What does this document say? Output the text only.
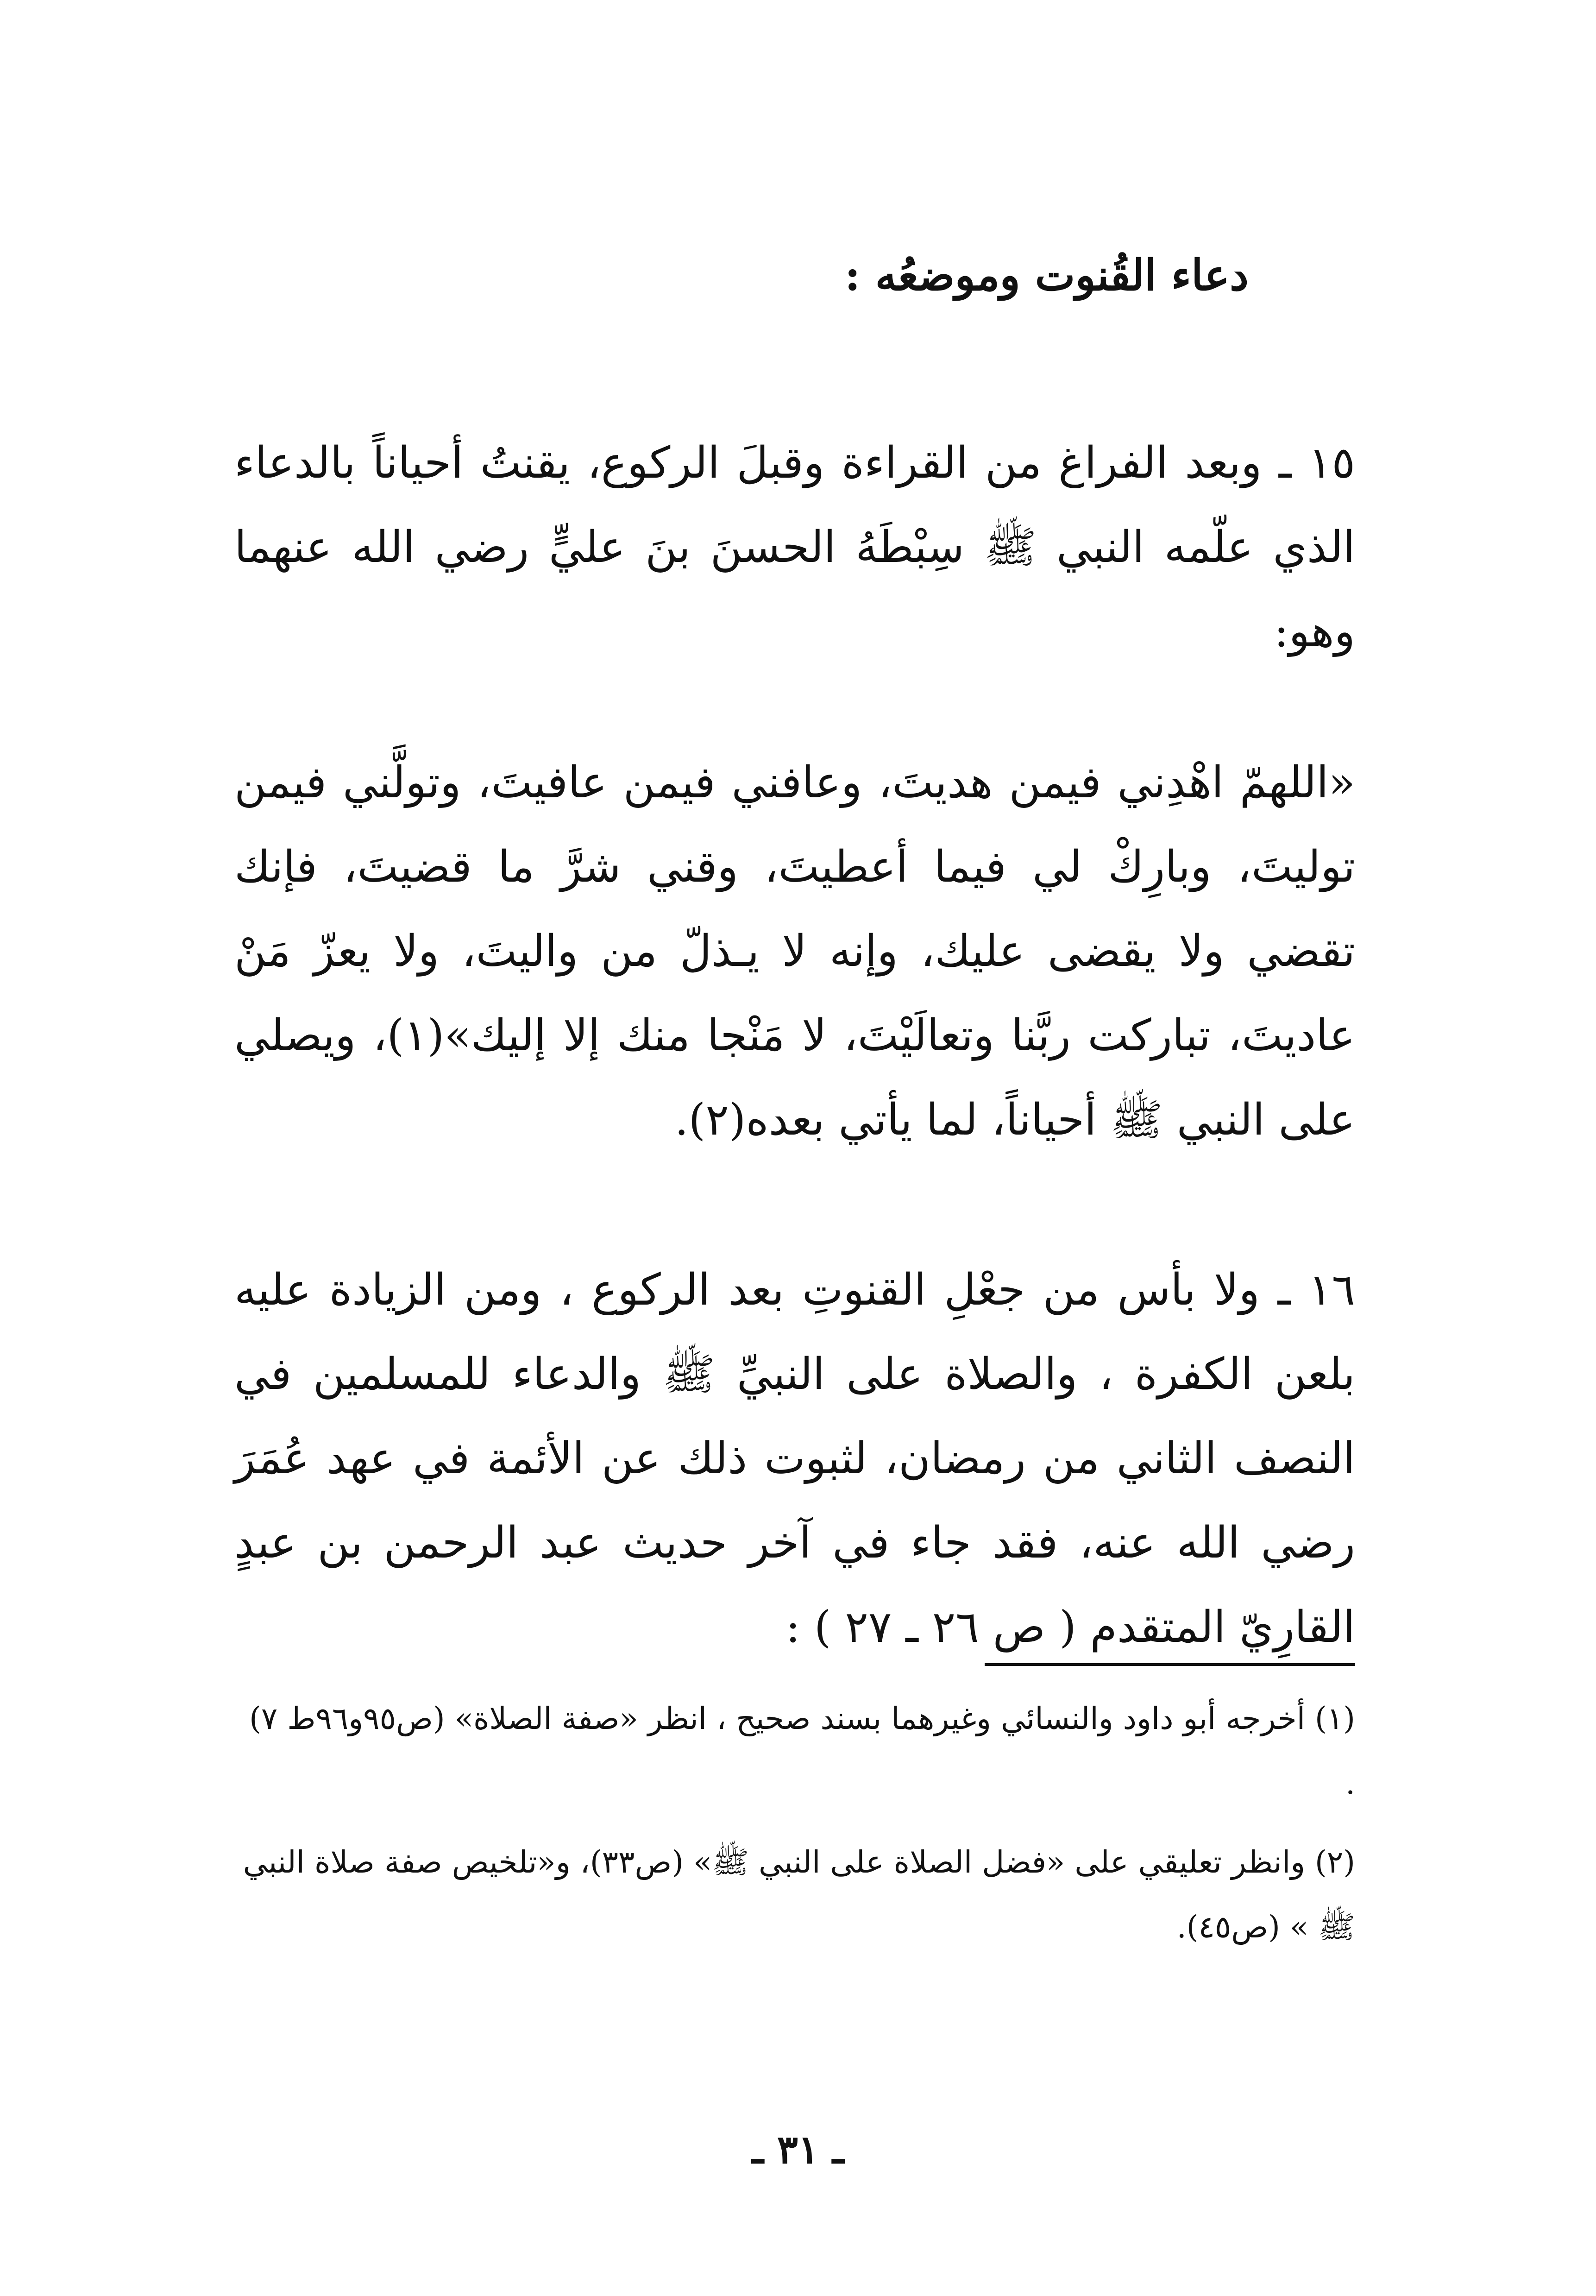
دعاء القُنوت وموضعُه :

١٥ ـ وبعد الفراغ من القراءة وقبلَ الركوع، يقنتُ أحياناً بالدعاء الذي علّمه النبي ﷺ سِبْطَهُ الحسنَ بنَ عليٍّ رضي الله عنهما وهو:

«اللهمّ اهْدِني فيمن هديتَ، وعافني فيمن عافيتَ، وتولَّني فيمن توليتَ، وبارِكْ لي فيما أعطيتَ، وقني شرَّ ما قضيتَ، فإنك تقضي ولا يقضى عليك، وإنه لا يـذلّ من واليتَ، ولا يعزّ مَنْ عاديتَ، تباركت ربَّنا وتعالَيْتَ، لا مَنْجا منك إلا إليك»(١)، ويصلي على النبي ﷺ أحياناً، لما يأتي بعده(٢).

١٦ ـ ولا بأس من جعْلِ القنوتِ بعد الركوع ، ومن الزيادة عليه بلعن الكفرة ، والصلاة على النبيِّ ﷺ والدعاء للمسلمين في النصف الثاني من رمضان، لثبوت ذلك عن الأئمة في عهد عُمَرَ رضي الله عنه، فقد جاء في آخر حديث عبد الرحمن بن عبدٍ القارِيّ المتقدم ( ص ٢٦ ـ ٢٧ ) :

(١) أخرجه أبو داود والنسائي وغيرهما بسند صحيح ، انظر «صفة الصلاة» (ص٩٥و٩٦ط ٧) .

(٢) وانظر تعليقي على «فضل الصلاة على النبي ﷺ» (ص٣٣)، و«تلخيص صفة صلاة النبي ﷺ » (ص٤٥).

ـ ٣١ ـ
